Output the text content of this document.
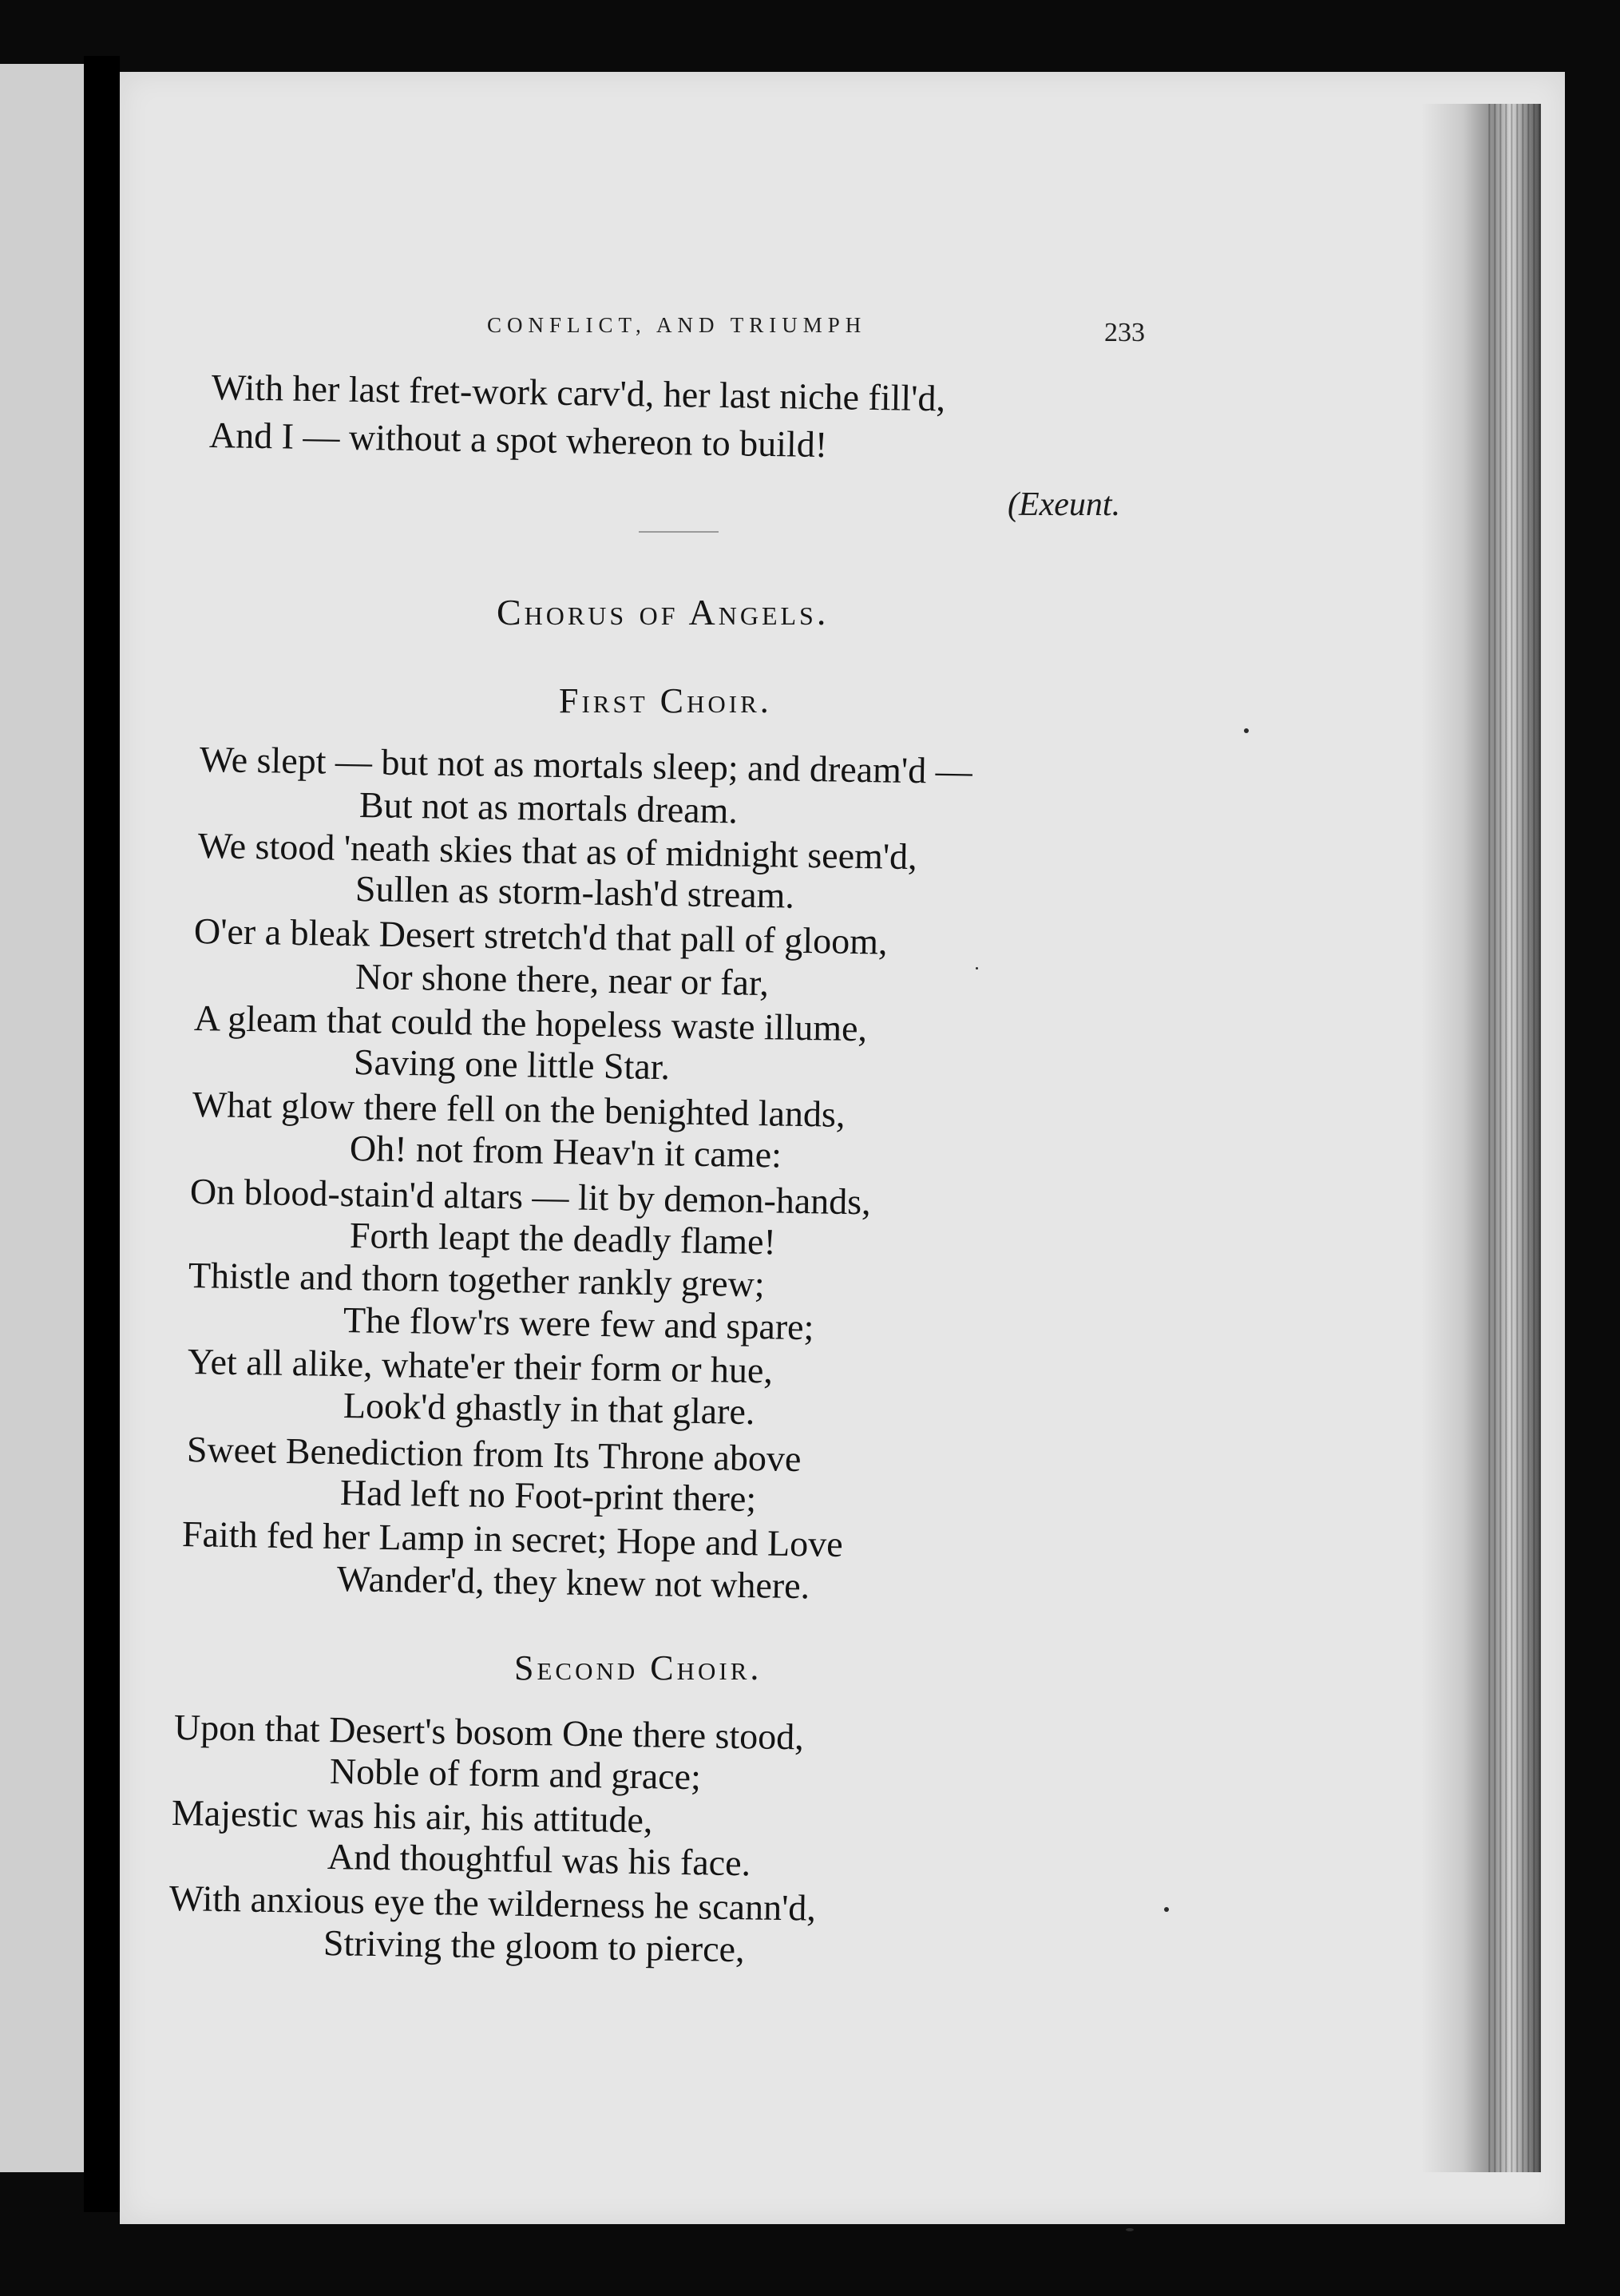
CONFLICT, AND TRIUMPH	233
With her last fret-work carv'd, her last niche fill'd,
And I — without a spot whereon to build!
(Exeunt.
Chorus of Angels.
First Choir.
We slept — but not as mortals sleep; and dream'd —
But not as mortals dream.
We stood 'neath skies that as of midnight seem'd,
Sullen as storm-lash'd stream.
O'er a bleak Desert stretch'd that pall of gloom,
Nor shone there, near or far,
A gleam that could the hopeless waste illume,
Saving one little Star.
What glow there fell on the benighted lands,
Oh! not from Heav'n it came:
On blood-stain'd altars — lit by demon-hands,
Forth leapt the deadly flame!
Thistle and thorn together rankly grew;
The flow'rs were few and spare;
Yet all alike, whate'er their form or hue,
Look'd ghastly in that glare.
Sweet Benediction from Its Throne above
Had left no Foot-print there;
Faith fed her Lamp in secret; Hope and Love
Wander'd, they knew not where.
Second Choir.
Upon that Desert's bosom One there stood,
Noble of form and grace;
Majestic was his air, his attitude,
And thoughtful was his face.
With anxious eye the wilderness he scann'd,
Striving the gloom to pierce,
